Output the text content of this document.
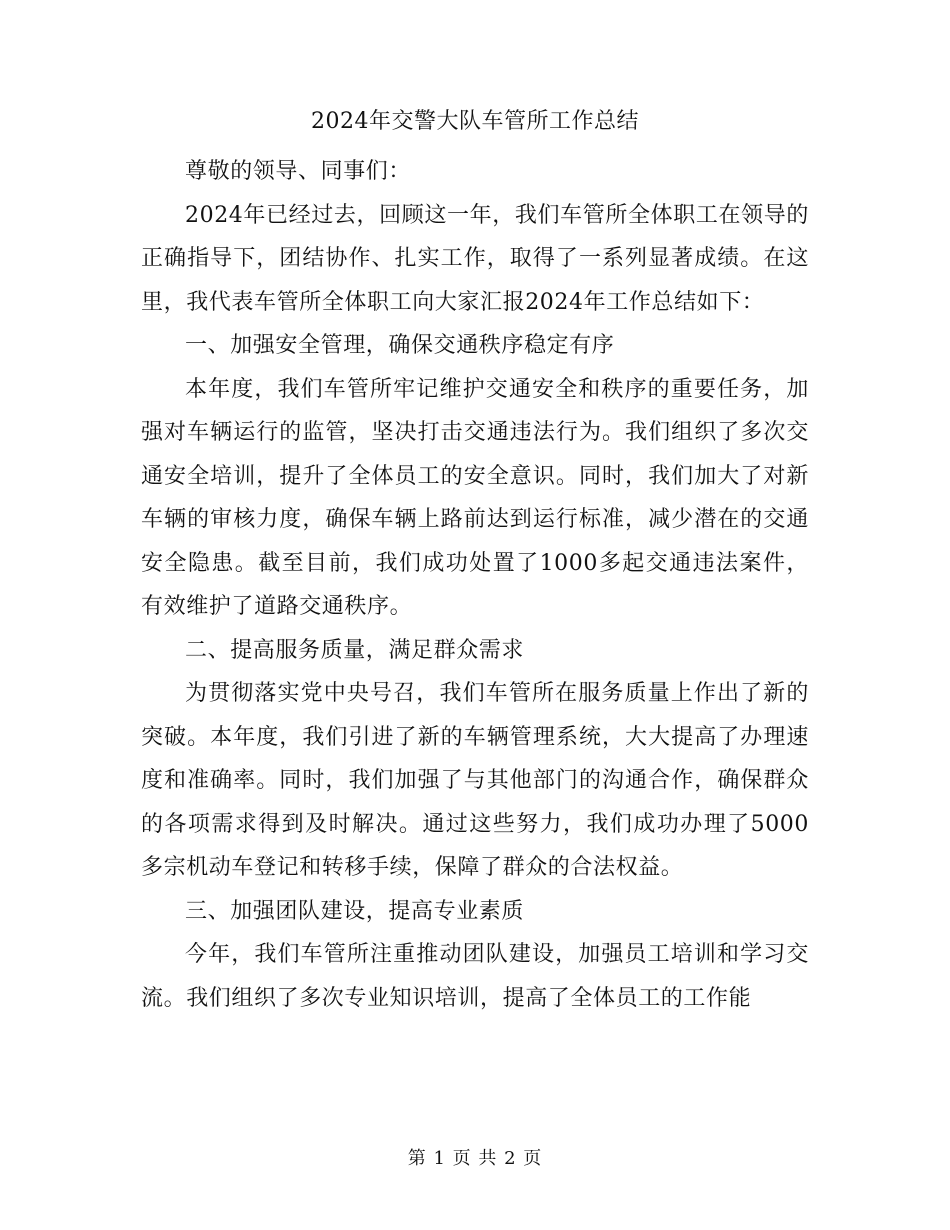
2024年交警大队车管所工作总结

尊敬的领导、同事们：

2024年已经过去，回顾这一年，我们车管所全体职工在领导的正确指导下，团结协作、扎实工作，取得了一系列显著成绩。在这里，我代表车管所全体职工向大家汇报2024年工作总结如下：

一、加强安全管理，确保交通秩序稳定有序

本年度，我们车管所牢记维护交通安全和秩序的重要任务，加强对车辆运行的监管，坚决打击交通违法行为。我们组织了多次交通安全培训，提升了全体员工的安全意识。同时，我们加大了对新车辆的审核力度，确保车辆上路前达到运行标准，减少潜在的交通安全隐患。截至目前，我们成功处置了1000多起交通违法案件，有效维护了道路交通秩序。

二、提高服务质量，满足群众需求

为贯彻落实党中央号召，我们车管所在服务质量上作出了新的突破。本年度，我们引进了新的车辆管理系统，大大提高了办理速度和准确率。同时，我们加强了与其他部门的沟通合作，确保群众的各项需求得到及时解决。通过这些努力，我们成功办理了5000多宗机动车登记和转移手续，保障了群众的合法权益。

三、加强团队建设，提高专业素质

今年，我们车管所注重推动团队建设，加强员工培训和学习交流。我们组织了多次专业知识培训，提高了全体员工的工作能

第 1 页 共 2 页
